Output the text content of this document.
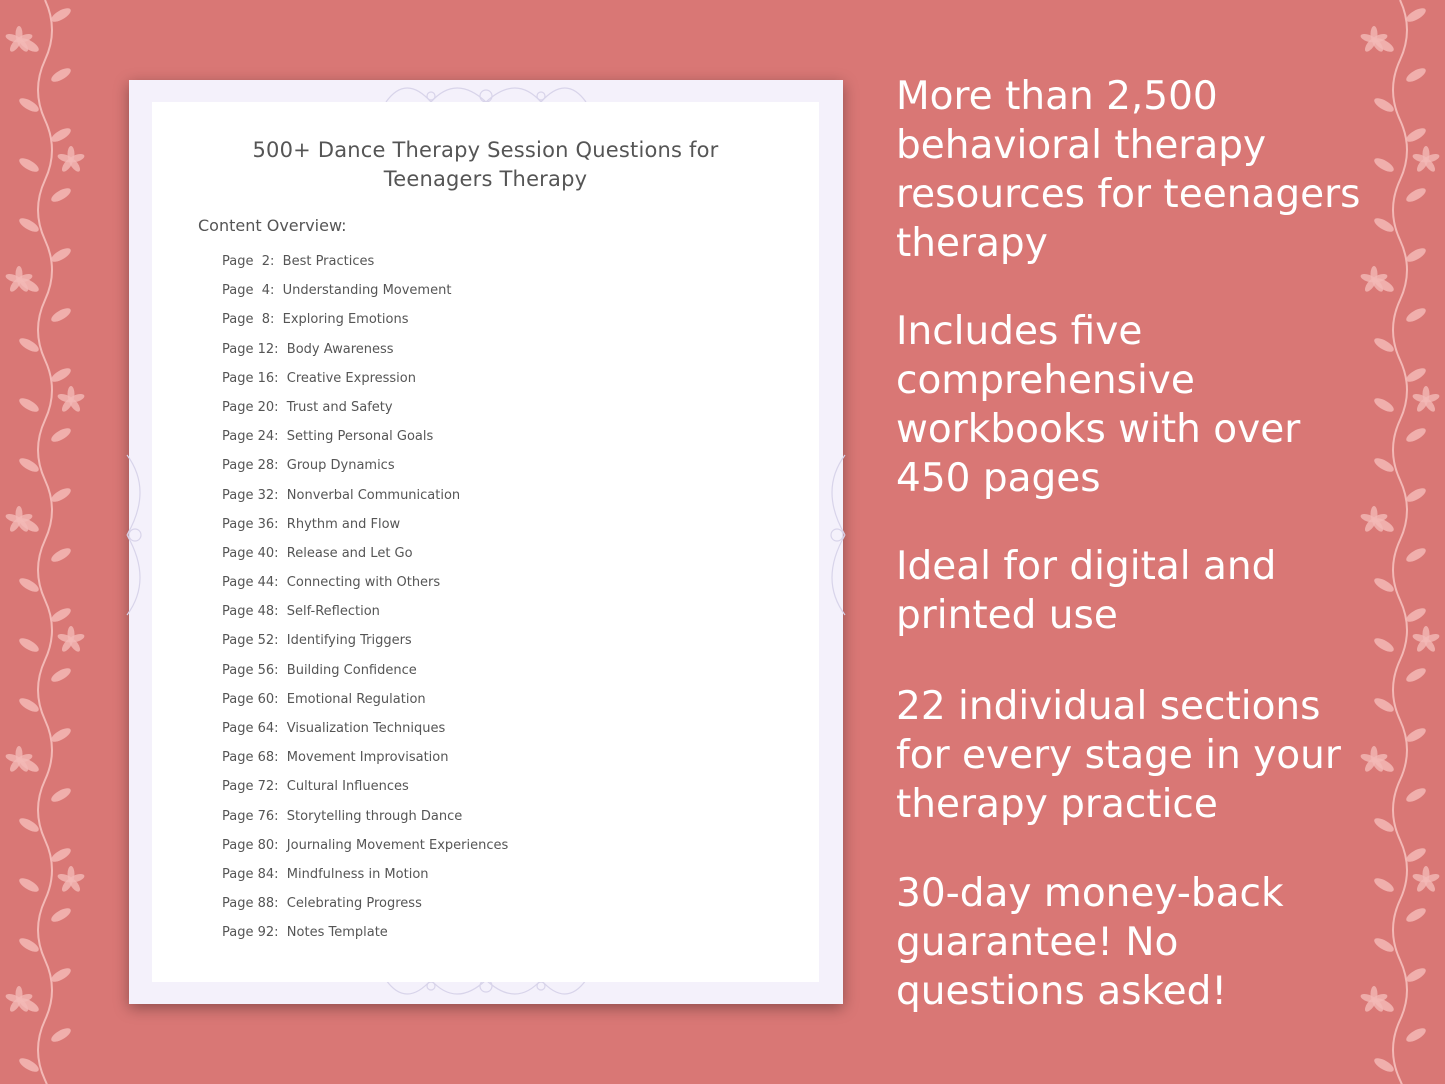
500+ Dance Therapy Session Questions for
Teenagers Therapy
Content Overview:
Page  2:  Best Practices
Page  4:  Understanding Movement
Page  8:  Exploring Emotions
Page 12:  Body Awareness
Page 16:  Creative Expression
Page 20:  Trust and Safety
Page 24:  Setting Personal Goals
Page 28:  Group Dynamics
Page 32:  Nonverbal Communication
Page 36:  Rhythm and Flow
Page 40:  Release and Let Go
Page 44:  Connecting with Others
Page 48:  Self-Reflection
Page 52:  Identifying Triggers
Page 56:  Building Confidence
Page 60:  Emotional Regulation
Page 64:  Visualization Techniques
Page 68:  Movement Improvisation
Page 72:  Cultural Influences
Page 76:  Storytelling through Dance
Page 80:  Journaling Movement Experiences
Page 84:  Mindfulness in Motion
Page 88:  Celebrating Progress
Page 92:  Notes Template
More than 2,500
behavioral therapy
resources for teenagers
therapy
Includes five
comprehensive
workbooks with over
450 pages
Ideal for digital and
printed use
22 individual sections
for every stage in your
therapy practice
30-day money-back
guarantee! No
questions asked!
